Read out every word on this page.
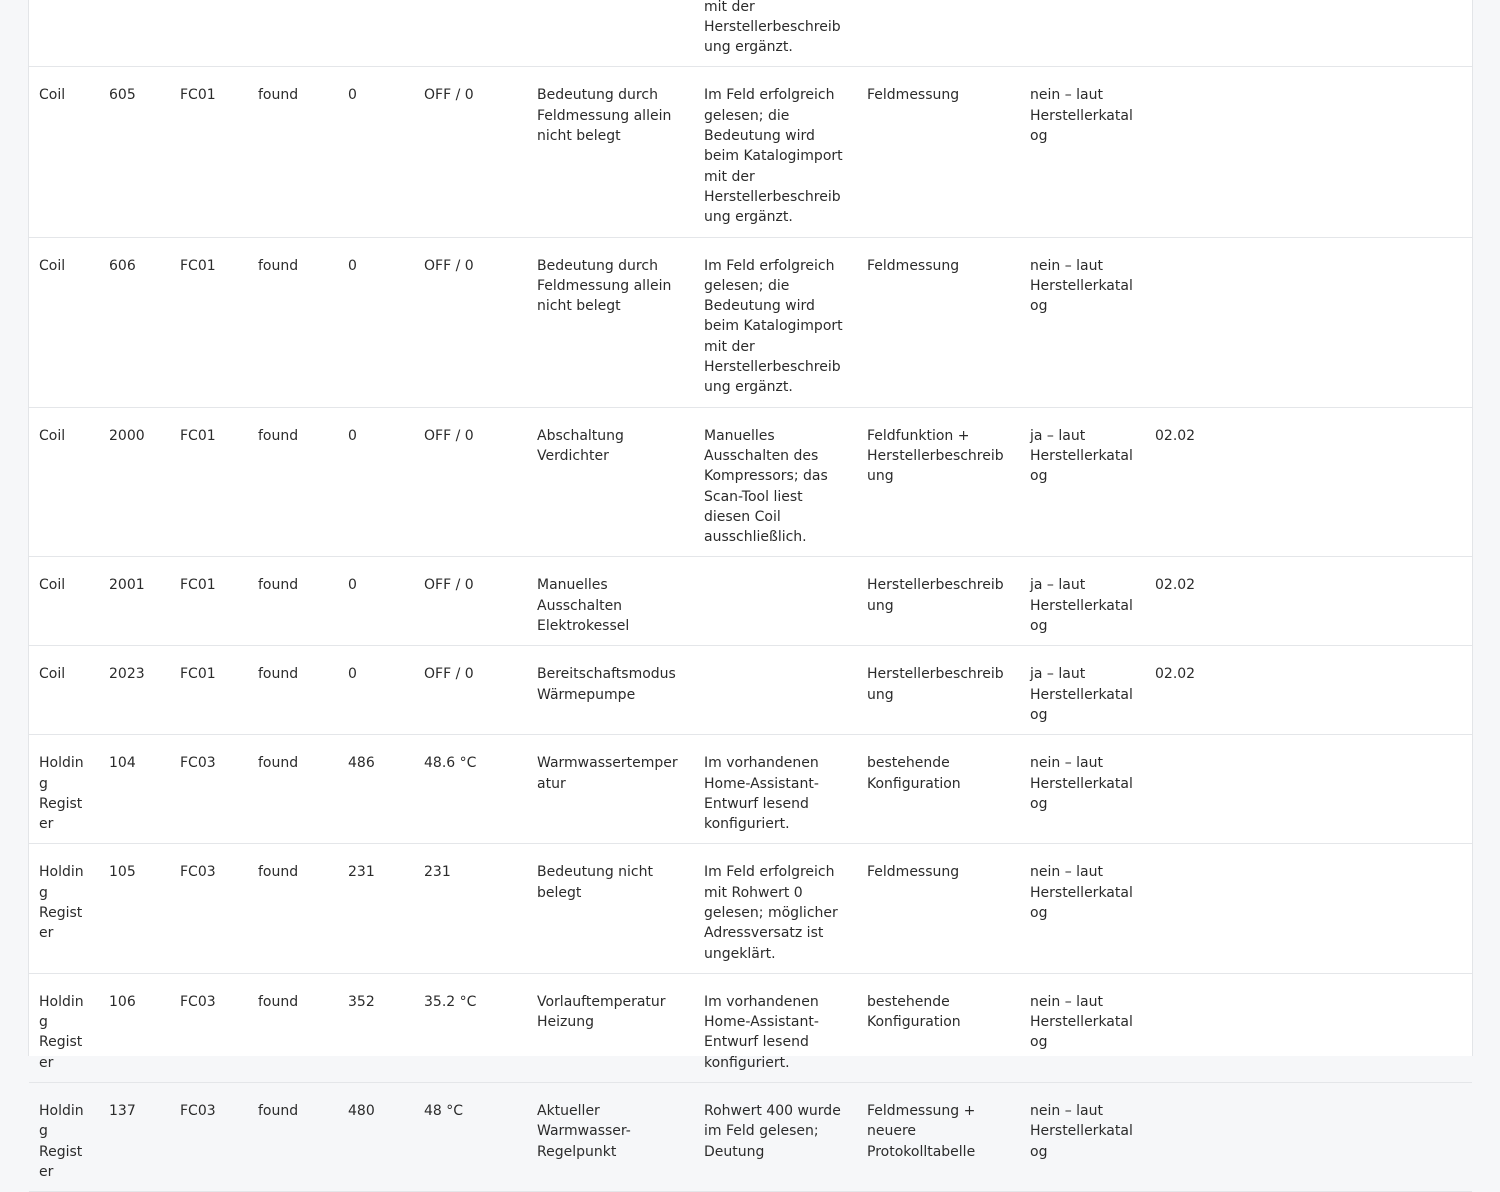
							mit der Herstellerbeschreibung ergänzt.				
Coil	605	FC01	found	0	OFF / 0	Bedeutung durch Feldmessung allein nicht belegt	Im Feld erfolgreich gelesen; die Bedeutung wird beim Katalogimport mit der Herstellerbeschreibung ergänzt.	Feldmessung	nein – laut Herstellerkatalog		
Coil	606	FC01	found	0	OFF / 0	Bedeutung durch Feldmessung allein nicht belegt	Im Feld erfolgreich gelesen; die Bedeutung wird beim Katalogimport mit der Herstellerbeschreibung ergänzt.	Feldmessung	nein – laut Herstellerkatalog		
Coil	2000	FC01	found	0	OFF / 0	Abschaltung Verdichter	Manuelles Ausschalten des Kompressors; das Scan-Tool liest diesen Coil ausschließlich.	Feldfunktion + Herstellerbeschreibung	ja – laut Herstellerkatalog	02.02	
Coil	2001	FC01	found	0	OFF / 0	Manuelles Ausschalten Elektrokessel		Herstellerbeschreibung	ja – laut Herstellerkatalog	02.02	
Coil	2023	FC01	found	0	OFF / 0	Bereitschaftsmodus Wärmepumpe		Herstellerbeschreibung	ja – laut Herstellerkatalog	02.02	
Holding Register	104	FC03	found	486	48.6 °C	Warmwassertemperatur	Im vorhandenen Home-Assistant-Entwurf lesend konfiguriert.	bestehende Konfiguration	nein – laut Herstellerkatalog		
Holding Register	105	FC03	found	231	231	Bedeutung nicht belegt	Im Feld erfolgreich mit Rohwert 0 gelesen; möglicher Adressversatz ist ungeklärt.	Feldmessung	nein – laut Herstellerkatalog		
Holding Register	106	FC03	found	352	35.2 °C	Vorlauftemperatur Heizung	Im vorhandenen Home-Assistant-Entwurf lesend konfiguriert.	bestehende Konfiguration	nein – laut Herstellerkatalog		
Holding Register	137	FC03	found	480	48 °C	Aktueller Warmwasser-Regelpunkt	Rohwert 400 wurde im Feld gelesen; Deutung	Feldmessung + neuere Protokolltabelle	nein – laut Herstellerkatalog		
